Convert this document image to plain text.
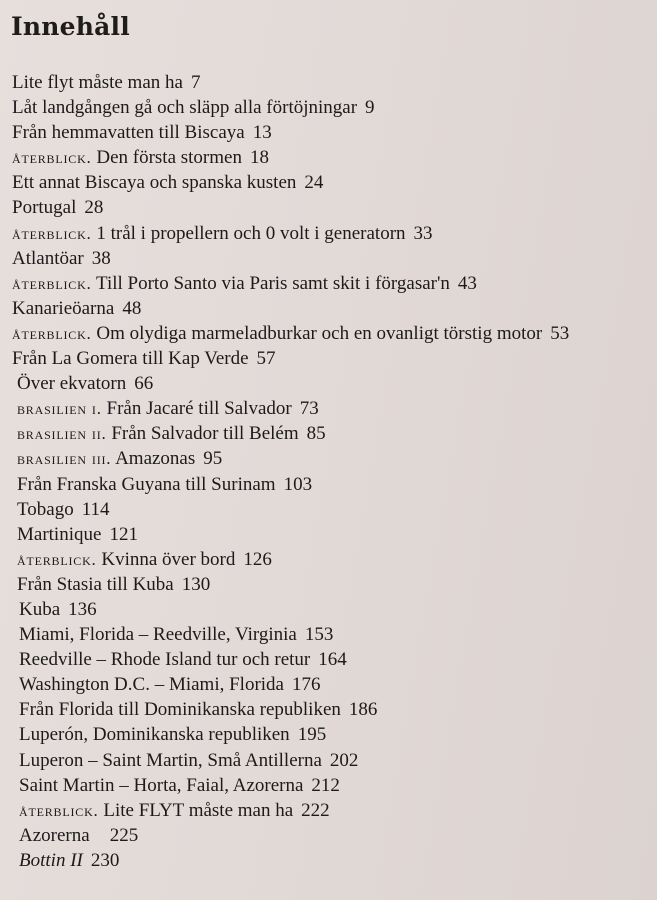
Innehåll
Lite flyt måste man ha 7
Låt landgången gå och släpp alla förtöjningar 9
Från hemmavatten till Biscaya 13
återblick. Den första stormen 18
Ett annat Biscaya och spanska kusten 24
Portugal 28
återblick. 1 trål i propellern och 0 volt i generatorn 33
Atlantöar 38
återblick. Till Porto Santo via Paris samt skit i förgasar'n 43
Kanarieöarna 48
återblick. Om olydiga marmeladburkar och en ovanligt törstig motor 53
Från La Gomera till Kap Verde 57
Över ekvatorn 66
brasilien i. Från Jacaré till Salvador 73
brasilien ii. Från Salvador till Belém 85
brasilien iii. Amazonas 95
Från Franska Guyana till Surinam 103
Tobago 114
Martinique 121
återblick. Kvinna över bord 126
Från Stasia till Kuba 130
Kuba 136
Miami, Florida – Reedville, Virginia 153
Reedville – Rhode Island tur och retur 164
Washington D.C. – Miami, Florida 176
Från Florida till Dominikanska republiken 186
Luperón, Dominikanska republiken 195
Luperon – Saint Martin, Små Antillerna 202
Saint Martin – Horta, Faial, Azorerna 212
återblick. Lite FLYT måste man ha 222
Azorerna 225
Bottin II 230
